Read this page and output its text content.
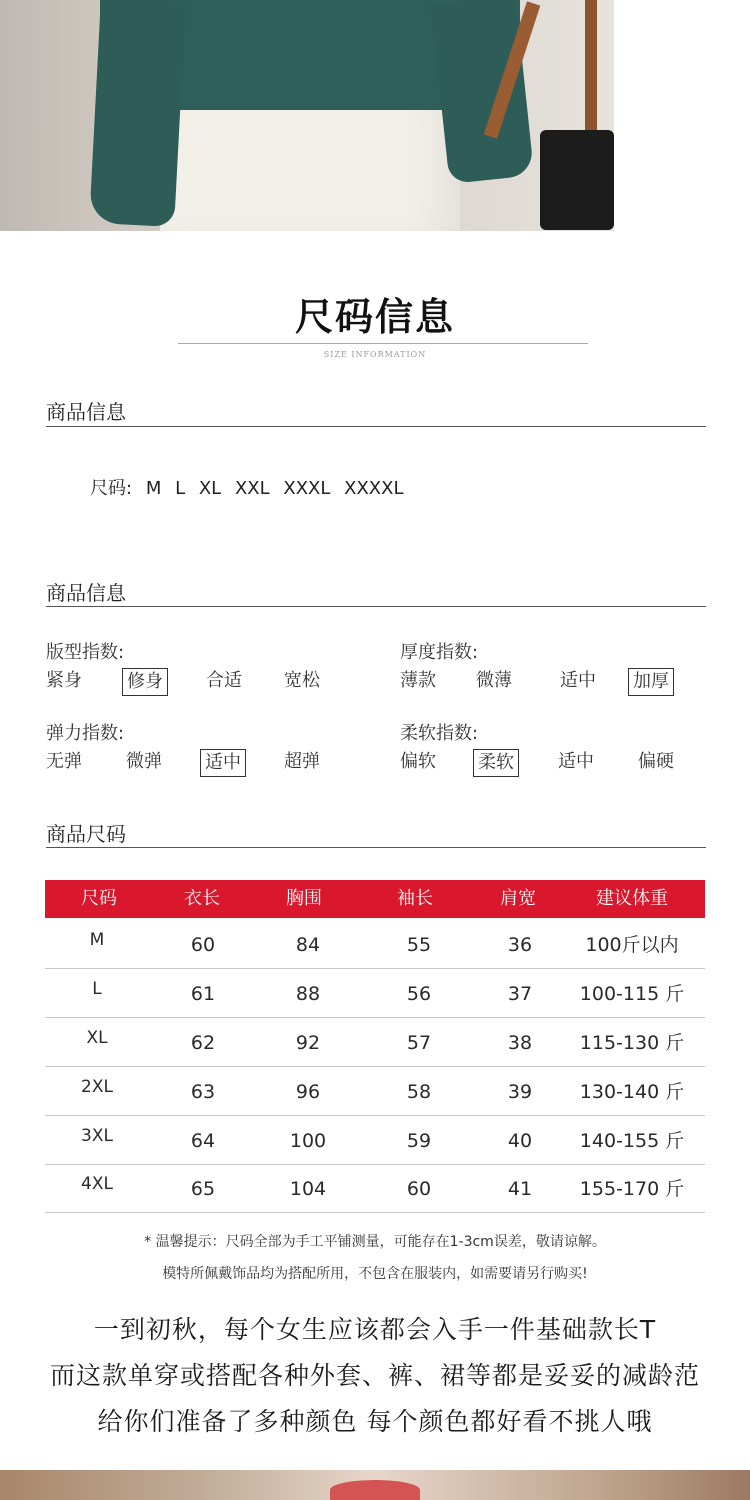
尺码信息
SIZE INFORMATION
商品信息
尺码: M L XL XXL XXXL XXXXL
商品信息
版型指数:
紧身	修身 合适 宽松
厚度指数:
薄款 微薄	适中 加厚
弹力指数:
无弹 微弹 适中 超弹
柔软指数:
偏软 柔软 适中 偏硬
商品尺码
尺码	衣长	胸围	袖长	肩宽	建议体重
M	60	84	55	36	100斤以内
L	61	88	56	37	100-115 斤
XL	62	92	57	38	115-130 斤
2XL	63	96	58	39	130-140 斤
3XL	64	100	59	40	140-155 斤
4XL	65	104	60	41	155-170 斤
* 温馨提示：尺码全部为手工平铺测量，可能存在1-3cm误差，敬请谅解。
模特所佩戴饰品均为搭配所用，不包含在服装内，如需要请另行购买!
一到初秋，每个女生应该都会入手一件基础款长T
而这款单穿或搭配各种外套、裤、裙等都是妥妥的减龄范
给你们准备了多种颜色 每个颜色都好看不挑人哦
